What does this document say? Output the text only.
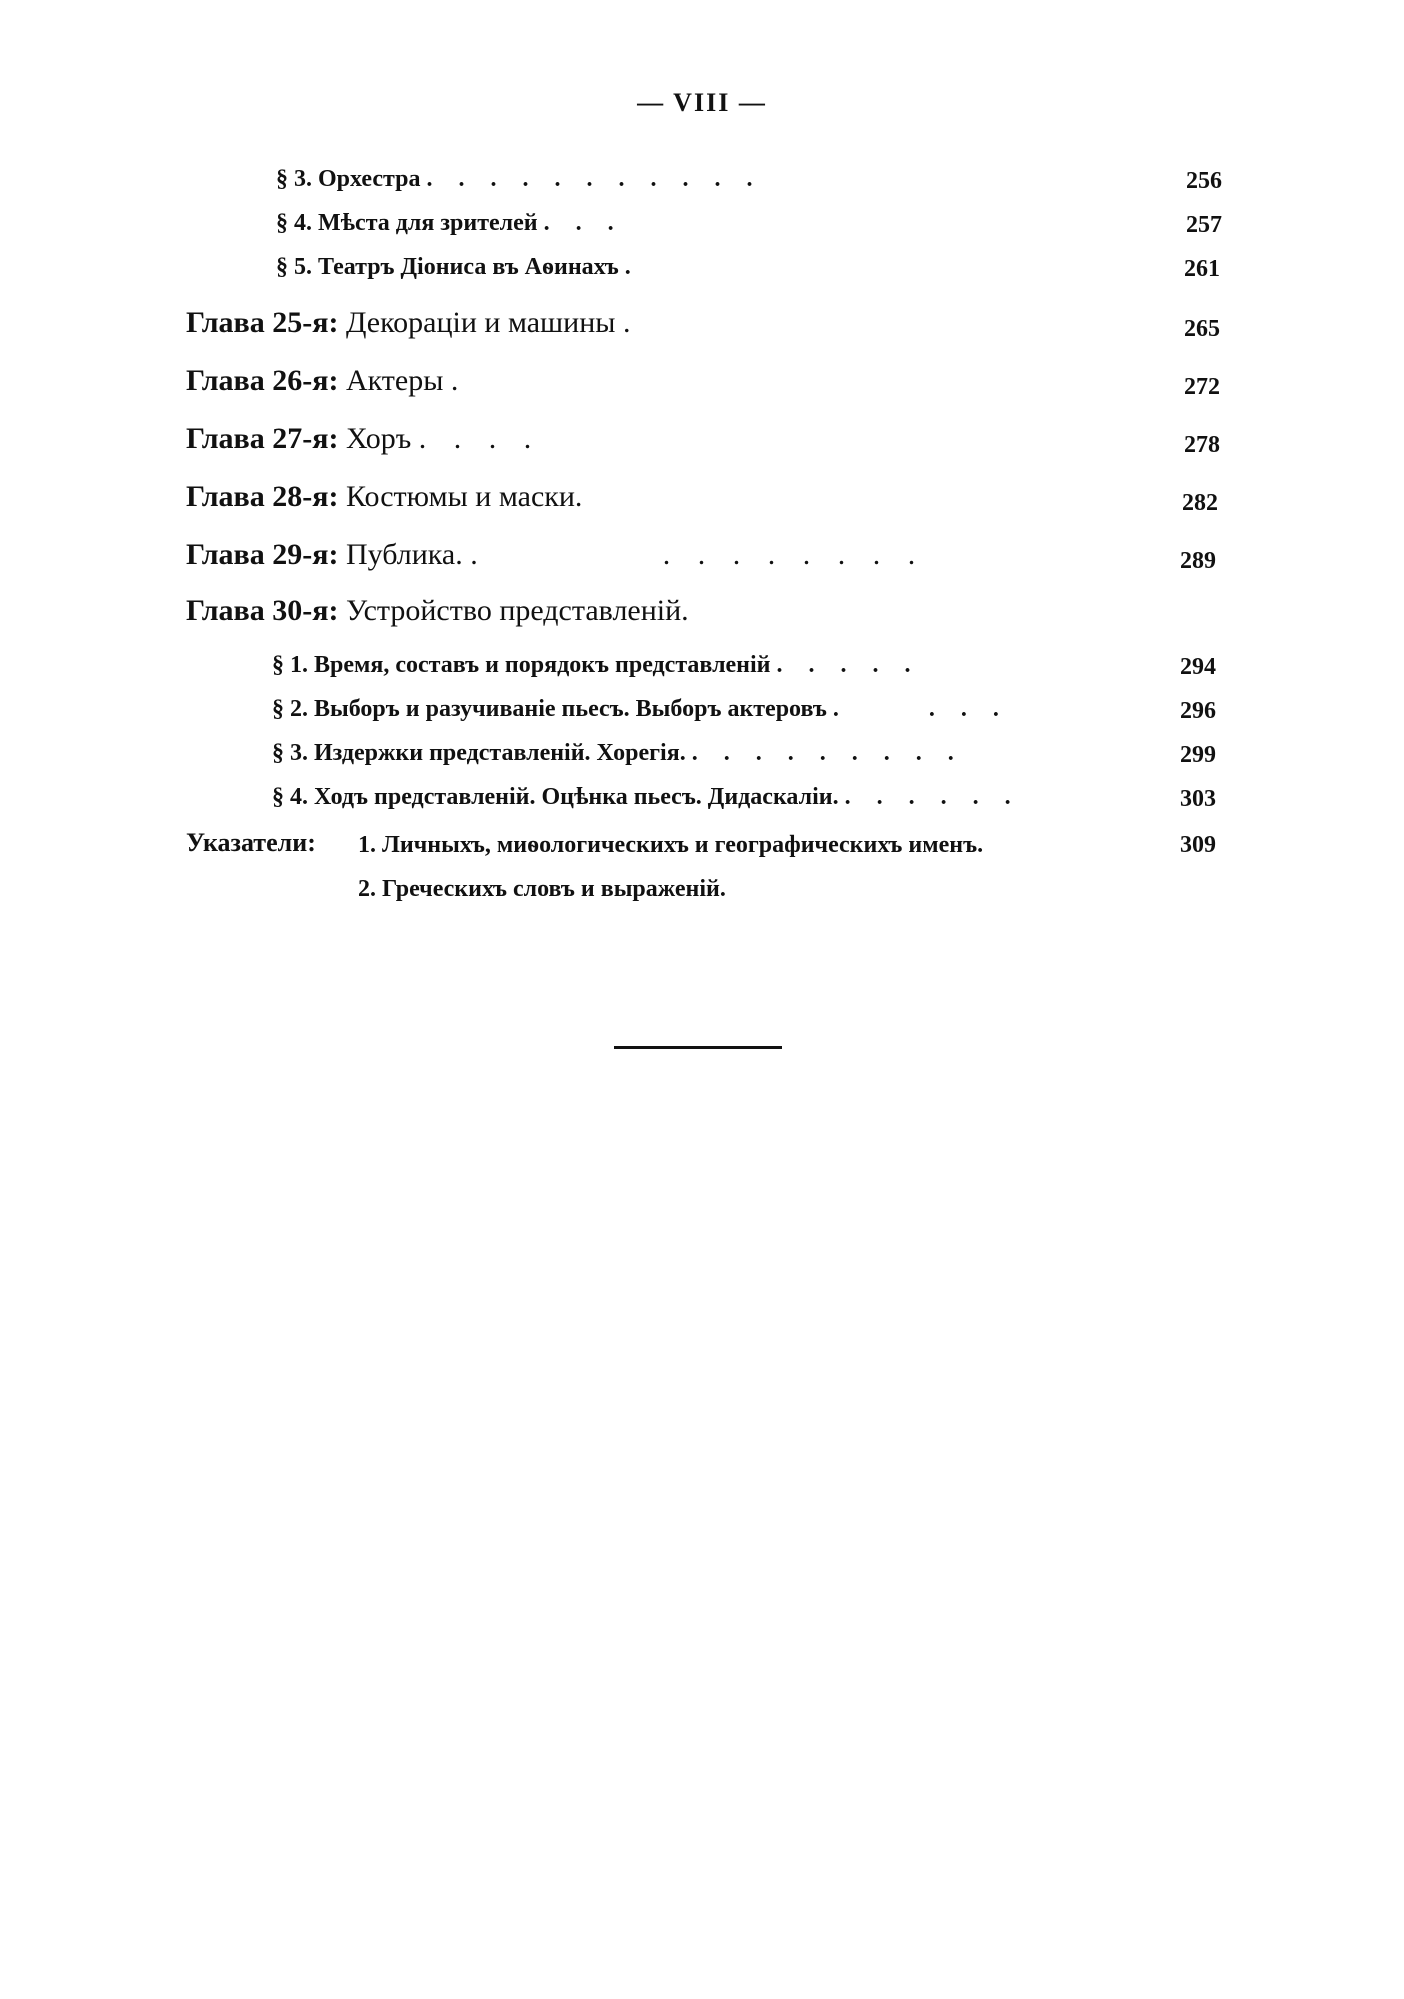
— VIII —
§ 3. Орхестра . . . . . . . . . . .	256
§ 4. Мѣста для зрителей . . .	257
§ 5. Театръ Діониса въ Аѳинахъ .	261
Глава 25-я: Декораціи и машины .	265
Глава 26-я: Актеры .	272
Глава 27-я: Хоръ . . . .	278
Глава 28-я: Костюмы и маски.	282
Глава 29-я: Публика. .          . . . . . . . .	289
Глава 30-я: Устройство представленій.
§ 1. Время, составъ и порядокъ представленій . . . . .	294
§ 2. Выборъ и разучиваніе пьесъ. Выборъ актеровъ .     . . .	296
§ 3. Издержки представленій. Хорегія. . . . . . . . . .	299
§ 4. Ходъ представленій. Оцѣнка пьесъ. Дидаскаліи. . . . . . .	303
Указатели: 1. Личныхъ, миѳологическихъ и географическихъ именъ.	309
2. Греческихъ словъ и выраженій.
